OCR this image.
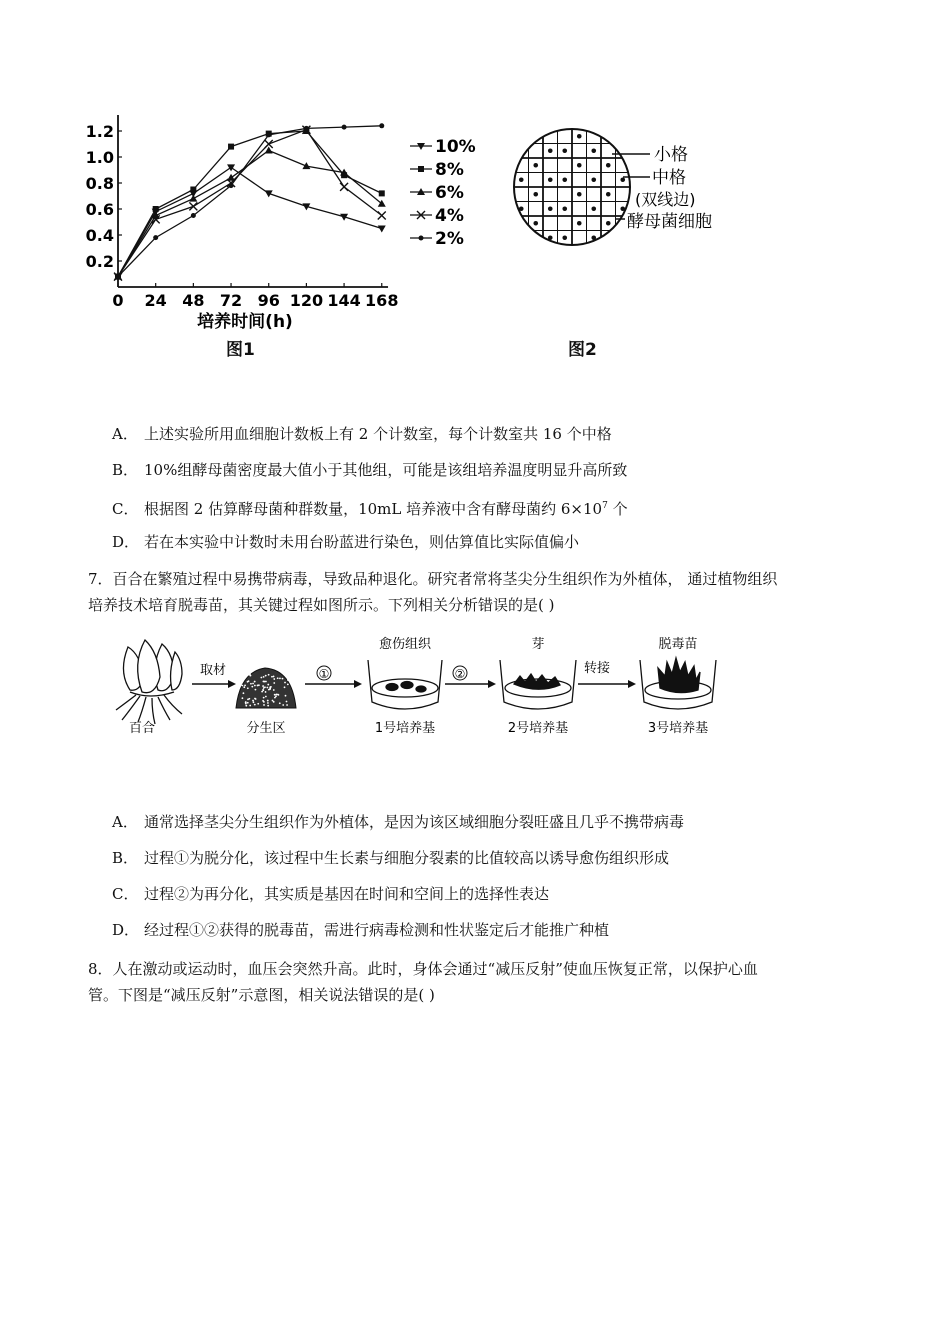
0 24 48 72 96 120 144 168
0.2
0.4
0.6
0.8
1.0
1.2
10%
8%
6%
4%
2%
培养时间(h)
图1
小格
中格
(双线边)
酵母菌细胞
图2
A． 上述实验所用血细胞计数板上有 2 个计数室，每个计数室共 16 个中格
B． 10%组酵母菌密度最大值小于其他组，可能是该组培养温度明显升高所致
C． 根据图 2 估算酵母菌种群数量，10mL 培养液中含有酵母菌约 $6\times 10^7$ 个
D． 若在本实验中计数时未用台盼蓝进行染色，则估算值比实际值偏小
7．百合在繁殖过程中易携带病毒，导致品种退化。研究者常将茎尖分生组织作为外植体， 通过植物组织
培养技术培育脱毒苗，其关键过程如图所示。下列相关分析错误的是( )
百合
取材
分生区
①
愈伤组织
1号培养基
②
芽
2号培养基
转接
脱毒苗
3号培养基
A． 通常选择茎尖分生组织作为外植体，是因为该区域细胞分裂旺盛且几乎不携带病毒
B． 过程①为脱分化，该过程中生长素与细胞分裂素的比值较高以诱导愈伤组织形成
C． 过程②为再分化，其实质是基因在时间和空间上的选择性表达
D． 经过程①②获得的脱毒苗，需进行病毒检测和性状鉴定后才能推广种植
8．人在激动或运动时，血压会突然升高。此时，身体会通过“减压反射”使血压恢复正常，以保护心血
管。下图是“减压反射”示意图，相关说法错误的是( )
